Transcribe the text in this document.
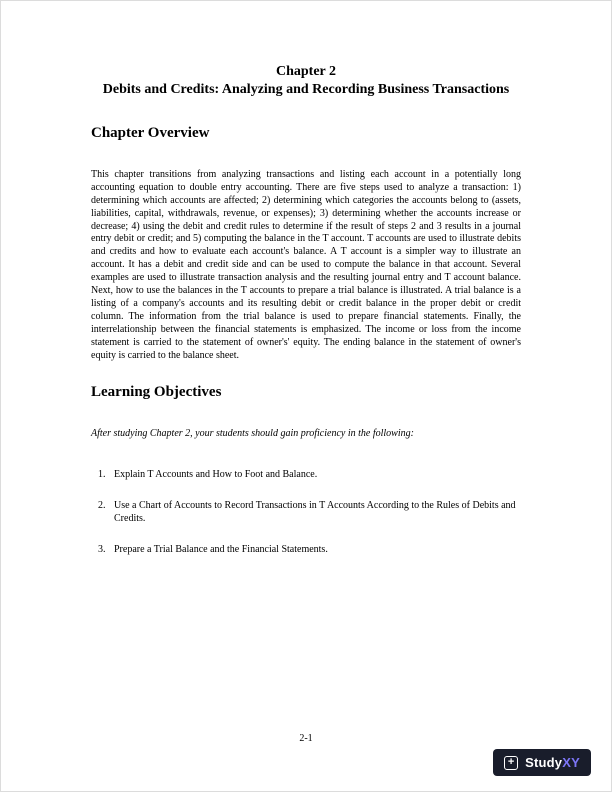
Chapter 2
Debits and Credits: Analyzing and Recording Business Transactions
Chapter Overview

This chapter transitions from analyzing transactions and listing each account in a potentially long accounting equation to double entry accounting. There are five steps used to analyze a transaction: 1) determining which accounts are affected; 2) determining which categories the accounts belong to (assets, liabilities, capital, withdrawals, revenue, or expenses); 3) determining whether the accounts increase or decrease; 4) using the debit and credit rules to determine if the result of steps 2 and 3 results in a journal entry debit or credit; and 5) computing the balance in the T account. T accounts are used to illustrate debits and credits and how to evaluate each account's balance. A T account is a simpler way to illustrate an account. It has a debit and credit side and can be used to compute the balance in that account. Several examples are used to illustrate transaction analysis and the resulting journal entry and T account balance. Next, how to use the balances in the T accounts to prepare a trial balance is illustrated. A trial balance is a listing of a company's accounts and its resulting debit or credit balance in the proper debit or credit column. The information from the trial balance is used to prepare financial statements. Finally, the interrelationship between the financial statements is emphasized. The income or loss from the income statement is carried to the statement of owner's' equity. The ending balance in the statement of owner's equity is carried to the balance sheet.

Learning Objectives

After studying Chapter 2, your students should gain proficiency in the following:

1. Explain T Accounts and How to Foot and Balance.
2. Use a Chart of Accounts to Record Transactions in T Accounts According to the Rules of Debits and Credits.
3. Prepare a Trial Balance and the Financial Statements.
2-1
+ StudyXY
